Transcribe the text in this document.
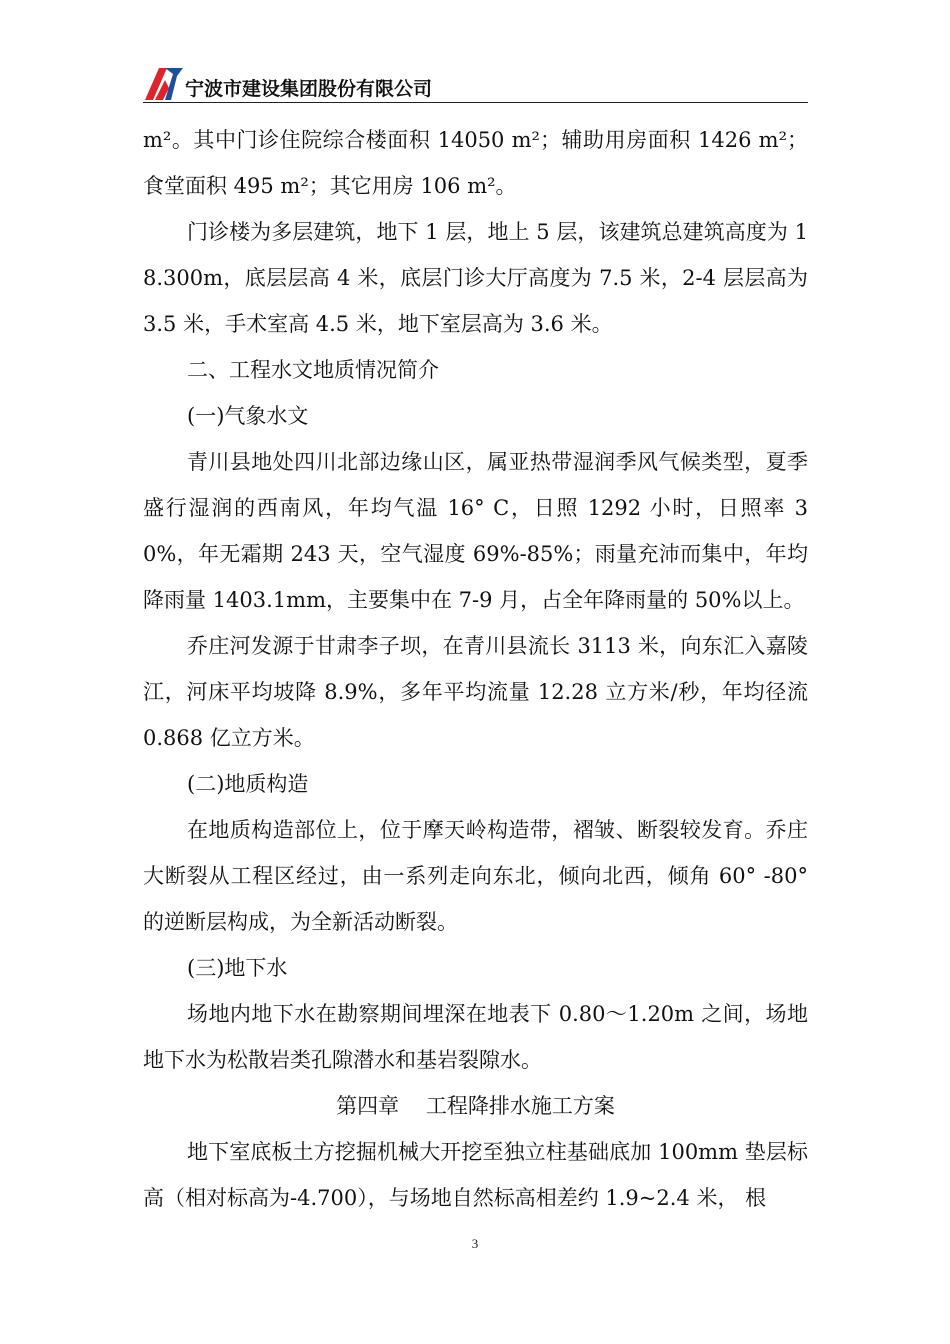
宁波市建设集团股份有限公司

m²。其中门诊住院综合楼面积 14050 m²；辅助用房面积 1426 m²；食堂面积 495 m²；其它用房 106 m²。

门诊楼为多层建筑，地下 1 层，地上 5 层，该建筑总建筑高度为 18.300m，底层层高 4 米，底层门诊大厅高度为 7.5 米，2-4 层层高为 3.5 米，手术室高 4.5 米，地下室层高为 3.6 米。

二、工程水文地质情况简介

(一)气象水文

青川县地处四川北部边缘山区，属亚热带湿润季风气候类型，夏季盛行湿润的西南风，年均气温 16° C，日照 1292 小时，日照率 30%，年无霜期 243 天，空气湿度 69%-85%；雨量充沛而集中，年均降雨量 1403.1mm，主要集中在 7-9 月，占全年降雨量的 50%以上。

乔庄河发源于甘肃李子坝，在青川县流长 3113 米，向东汇入嘉陵江，河床平均坡降 8.9%，多年平均流量 12.28 立方米/秒，年均径流 0.868 亿立方米。

(二)地质构造

在地质构造部位上，位于摩天岭构造带，褶皱、断裂较发育。乔庄大断裂从工程区经过，由一系列走向东北，倾向北西，倾角 60° -80° 的逆断层构成，为全新活动断裂。

(三)地下水

场地内地下水在勘察期间埋深在地表下 0.80～1.20m 之间，场地地下水为松散岩类孔隙潜水和基岩裂隙水。

第四章    工程降排水施工方案

地下室底板土方挖掘机械大开挖至独立柱基础底加 100mm 垫层标高（相对标高为-4.700），与场地自然标高相差约 1.9~2.4 米， 根

3
